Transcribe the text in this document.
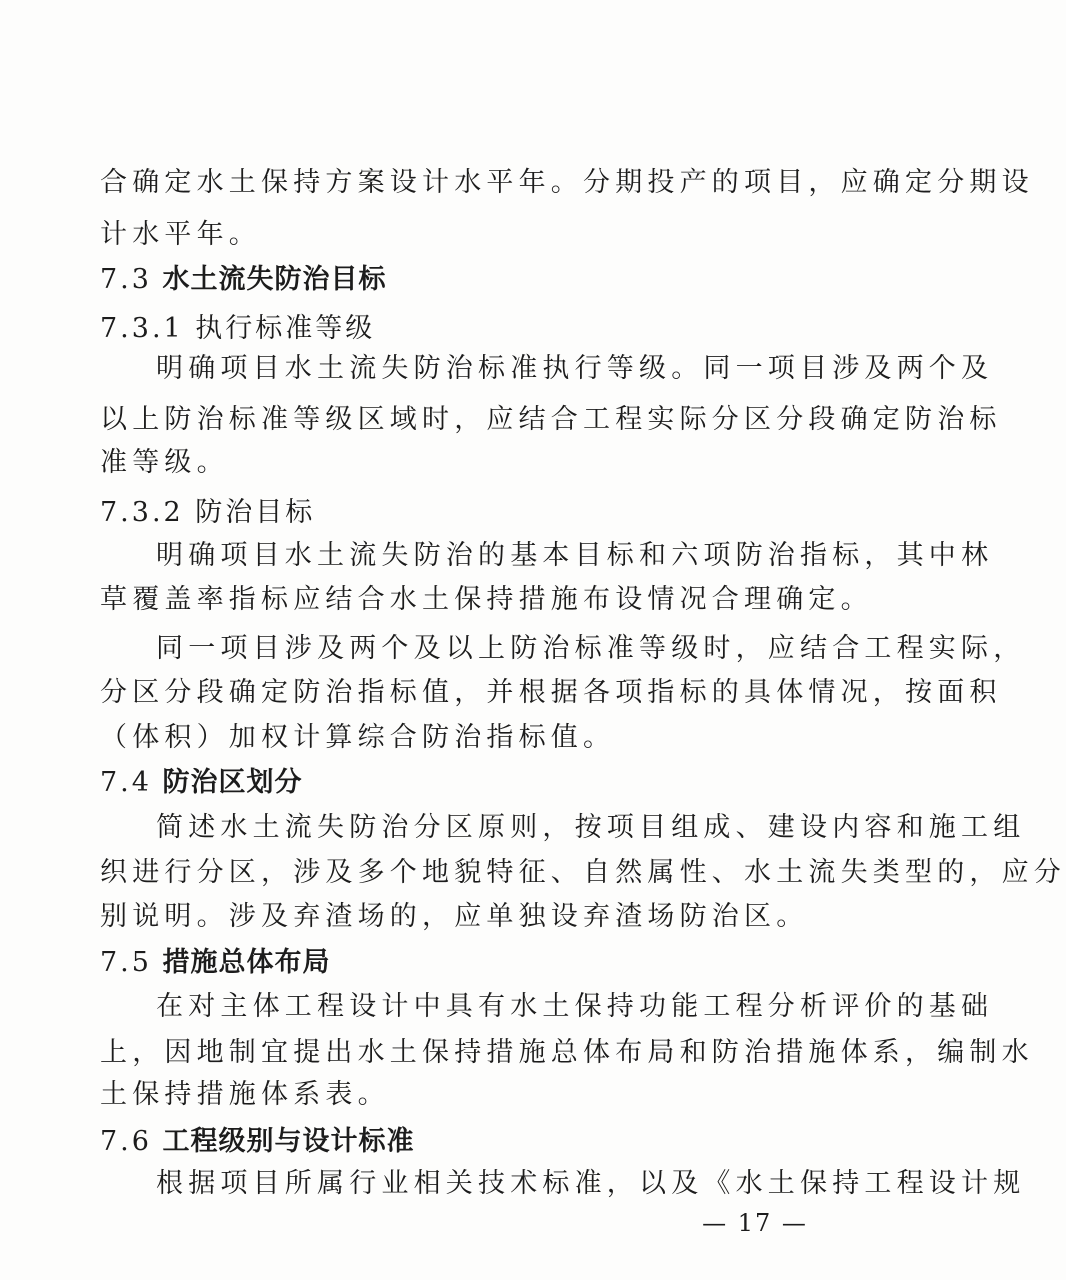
合确定水土保持方案设计水平年。分期投产的项目，应确定分期设
计水平年。
7.3 水土流失防治目标
7.3.1 执行标准等级
明确项目水土流失防治标准执行等级。同一项目涉及两个及
以上防治标准等级区域时，应结合工程实际分区分段确定防治标
准等级。
7.3.2 防治目标
明确项目水土流失防治的基本目标和六项防治指标，其中林
草覆盖率指标应结合水土保持措施布设情况合理确定。
同一项目涉及两个及以上防治标准等级时，应结合工程实际，
分区分段确定防治指标值，并根据各项指标的具体情况，按面积
（体积）加权计算综合防治指标值。
7.4 防治区划分
简述水土流失防治分区原则，按项目组成、建设内容和施工组
织进行分区，涉及多个地貌特征、自然属性、水土流失类型的，应分
别说明。涉及弃渣场的，应单独设弃渣场防治区。
7.5 措施总体布局
在对主体工程设计中具有水土保持功能工程分析评价的基础
上，因地制宜提出水土保持措施总体布局和防治措施体系，编制水
土保持措施体系表。
7.6 工程级别与设计标准
根据项目所属行业相关技术标准，以及《水土保持工程设计规
— 17 —
